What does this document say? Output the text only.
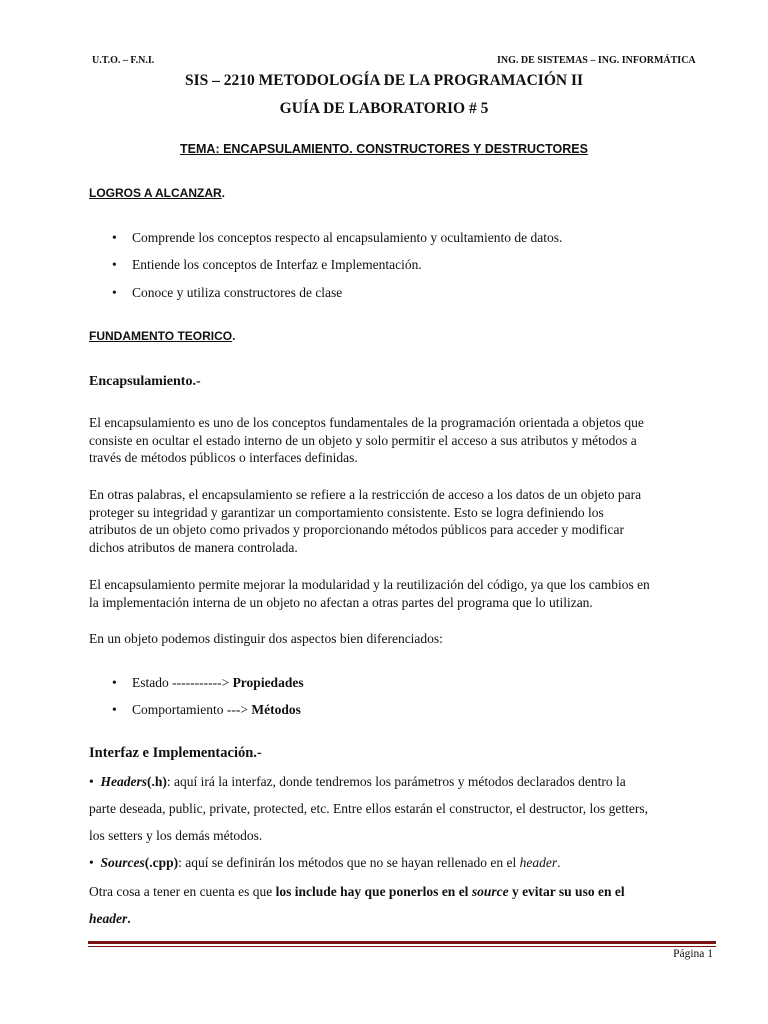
U.T.O. – F.N.I.	ING. DE SISTEMAS – ING. INFORMÁTICA
SIS – 2210 METODOLOGÍA DE LA PROGRAMACIÓN II
GUÍA DE LABORATORIO # 5
TEMA: ENCAPSULAMIENTO. CONSTRUCTORES Y DESTRUCTORES
LOGROS A ALCANZAR.
• Comprende los conceptos respecto al encapsulamiento y ocultamiento de datos.
• Entiende los conceptos de Interfaz e Implementación.
• Conoce y utiliza constructores de clase
FUNDAMENTO TEORICO.
Encapsulamiento.-
El encapsulamiento es uno de los conceptos fundamentales de la programación orientada a objetos que
consiste en ocultar el estado interno de un objeto y solo permitir el acceso a sus atributos y métodos a
través de métodos públicos o interfaces definidas.
En otras palabras, el encapsulamiento se refiere a la restricción de acceso a los datos de un objeto para
proteger su integridad y garantizar un comportamiento consistente. Esto se logra definiendo los
atributos de un objeto como privados y proporcionando métodos públicos para acceder y modificar
dichos atributos de manera controlada.
El encapsulamiento permite mejorar la modularidad y la reutilización del código, ya que los cambios en
la implementación interna de un objeto no afectan a otras partes del programa que lo utilizan.
En un objeto podemos distinguir dos aspectos bien diferenciados:
• Estado -----------> Propiedades
• Comportamiento ---> Métodos
Interfaz e Implementación.-
• Headers(.h): aquí irá la interfaz, donde tendremos los parámetros y métodos declarados dentro la
parte deseada, public, private, protected, etc. Entre ellos estarán el constructor, el destructor, los getters,
los setters y los demás métodos.
• Sources(.cpp): aquí se definirán los métodos que no se hayan rellenado en el header.
Otra cosa a tener en cuenta es que los include hay que ponerlos en el source y evitar su uso en el
header.
Página 1
